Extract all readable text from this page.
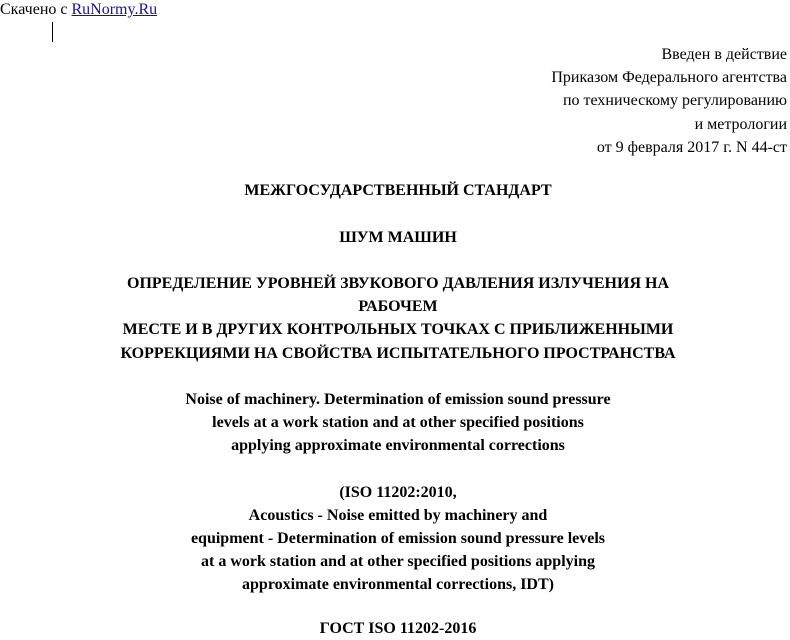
Скачено с RuNormy.Ru
Введен в действие
Приказом Федерального агентства
по техническому регулированию
и метрологии
от 9 февраля 2017 г. N 44-ст
МЕЖГОСУДАРСТВЕННЫЙ СТАНДАРТ
ШУМ МАШИН
ОПРЕДЕЛЕНИЕ УРОВНЕЙ ЗВУКОВОГО ДАВЛЕНИЯ ИЗЛУЧЕНИЯ НА
РАБОЧЕМ
МЕСТЕ И В ДРУГИХ КОНТРОЛЬНЫХ ТОЧКАХ С ПРИБЛИЖЕННЫМИ
КОРРЕКЦИЯМИ НА СВОЙСТВА ИСПЫТАТЕЛЬНОГО ПРОСТРАНСТВА
Noise of machinery. Determination of emission sound pressure
levels at a work station and at other specified positions
applying approximate environmental corrections
(ISO 11202:2010,
Acoustics - Noise emitted by machinery and
equipment - Determination of emission sound pressure levels
at a work station and at other specified positions applying
approximate environmental corrections, IDT)
ГОСТ ISO 11202-2016
